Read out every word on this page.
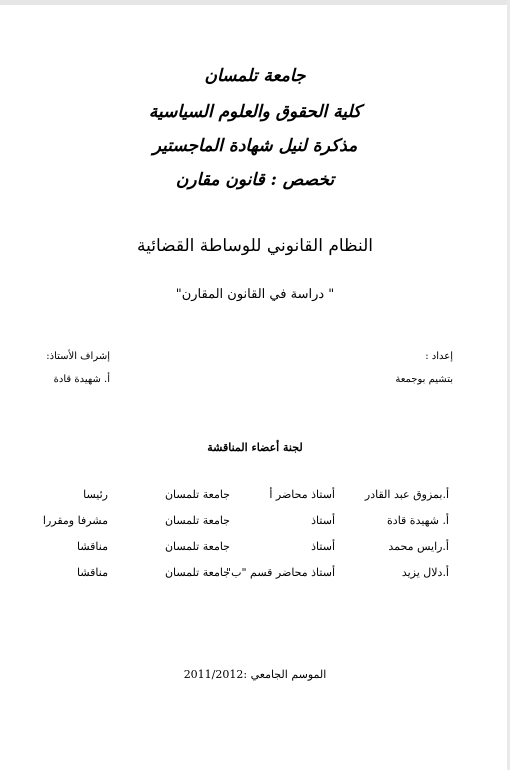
جامعة تلمسان
كلية الحقوق والعلوم السياسية
مذكرة لنيل شهادة الماجستير
تخصص : قانون مقارن
النظام القانوني للوساطة القضائية
" دراسة في القانون المقارن"
إعداد :
بتشيم بوجمعة
إشراف الأستاذ:
أ. شهيدة قادة
لجنة أعضاء المناقشة
أ.بمزوق عبد القادر
أستاذ محاضر أ
جامعة تلمسان
رئيسا
أ. شهيدة قادة
أستاذ
جامعة تلمسان
مشرفا ومقررا
أ.رايس محمد
أستاذ
جامعة تلمسان
مناقشا
أ.دلال يزيد
أستاذ محاضر قسم "ب"
جامعة تلمسان
مناقشا
الموسم الجامعي :2011/2012
